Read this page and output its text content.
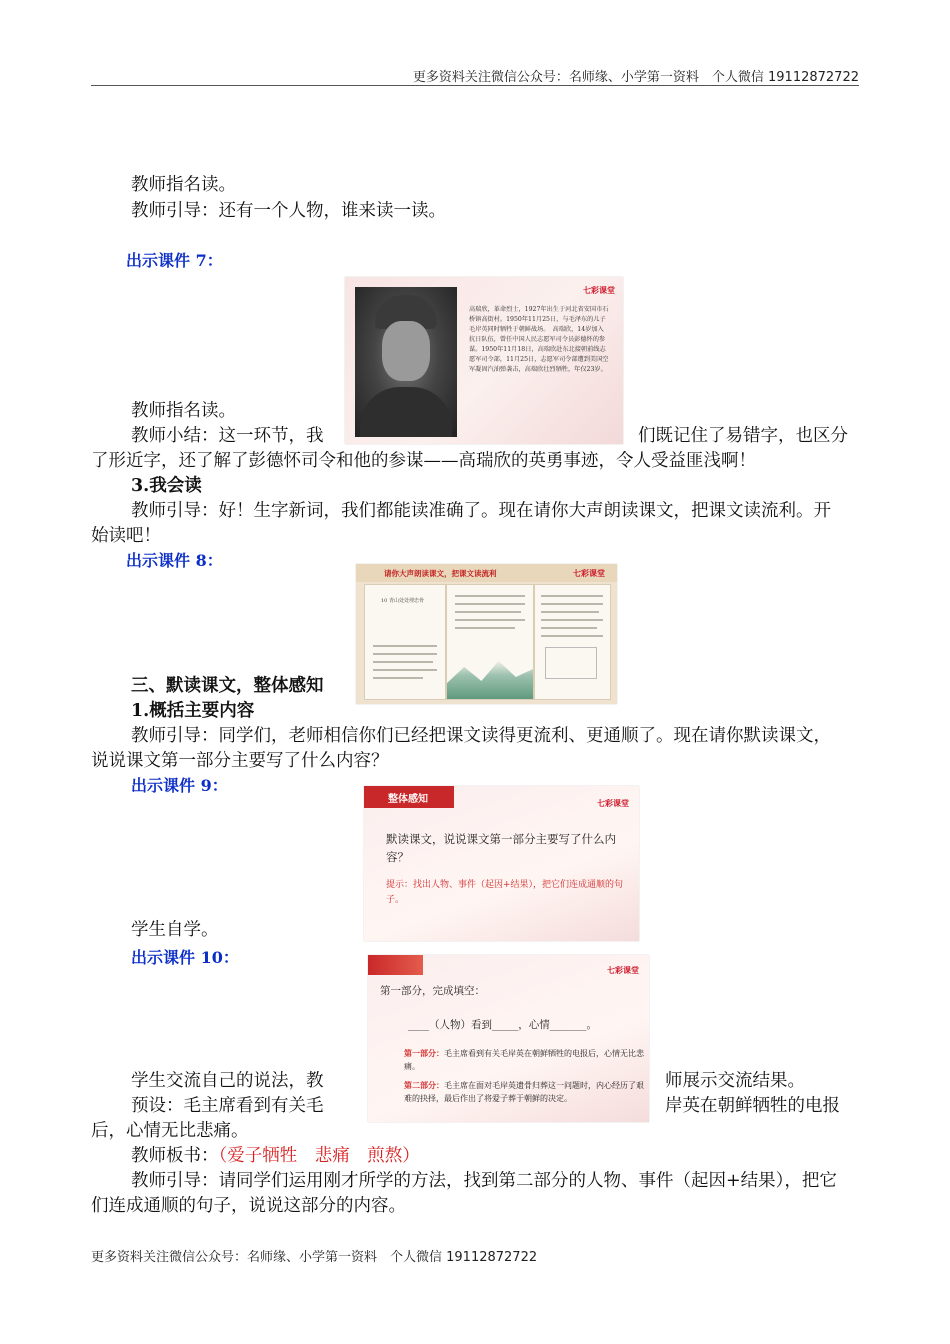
更多资料关注微信公众号：名师缘、小学第一资料　个人微信 19112872722
教师指名读。
教师引导：还有一个人物，谁来读一读。
出示课件 7：
七彩课堂
高瑞欣，革命烈士，1927年出生于河北省安国市石桥镇高街村。1950年11月25日，与毛泽东的儿子毛岸英同时牺牲于朝鲜战场。　高瑞欣，14岁加入抗日队伍，曾任中国人民志愿军司令员彭德怀的参谋。1950年11月18日，高瑞欣赴东北接朝前线志愿军司令部，11月25日，志愿军司令部遭到美国空军凝固汽油弹袭击，高瑞欣壮烈牺牲，年仅23岁。
教师指名读。
教师小结：这一环节，我	们既记住了易错字，也区分
了形近字，还了解了彭德怀司令和他的参谋——高瑞欣的英勇事迹，令人受益匪浅啊！
3.我会读
教师引导：好！生字新词，我们都能读准确了。现在请你大声朗读课文，把课文读流利。开
始读吧！
出示课件 8：
请你大声朗读课文，把课文读流利	七彩课堂
10 青山处处埋忠骨
三、默读课文，整体感知
1.概括主要内容
教师引导：同学们，老师相信你们已经把课文读得更流利、更通顺了。现在请你默读课文，
说说课文第一部分主要写了什么内容？
出示课件 9：
整体感知	七彩课堂
默读课文，说说课文第一部分主要写了什么内容？
提示：找出人物、事件（起因+结果），把它们连成通顺的句子。
学生自学。
出示课件 10：
七彩课堂
第一部分，完成填空：
____（人物）看到_____，心情_______。
第一部分：毛主席看到有关毛岸英在朝鲜牺牲的电报后，心情无比悲痛。
第二部分：毛主席在面对毛岸英遗骨归葬这一问题时，内心经历了艰难的抉择，最后作出了将爱子葬于朝鲜的决定。
学生交流自己的说法，教	师展示交流结果。
预设：毛主席看到有关毛	岸英在朝鲜牺牲的电报
后，心情无比悲痛。
教师板书：（爱子牺牲　悲痛　煎熬）
教师引导：请同学们运用刚才所学的方法，找到第二部分的人物、事件（起因+结果），把它
们连成通顺的句子，说说这部分的内容。
更多资料关注微信公众号：名师缘、小学第一资料　个人微信 19112872722
